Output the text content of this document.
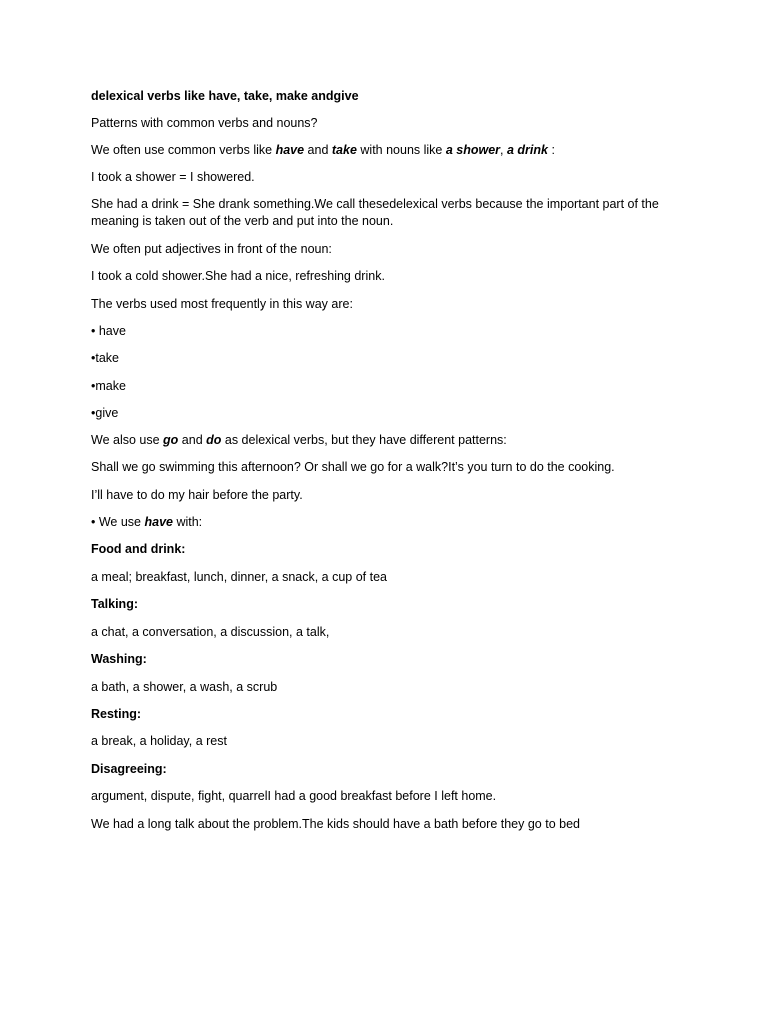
delexical verbs like have, take, make andgive
Patterns with common verbs and nouns?
We often use common verbs like have and take with nouns like a shower, a drink :
I took a shower = I showered.
She had a drink = She drank something.We call thesedelexical verbs because the important part of the meaning is taken out of the verb and put into the noun.
We often put adjectives in front of the noun:
I took a cold shower.She had a nice, refreshing drink.
The verbs used most frequently in this way are:
• have
•take
•make
•give
We also use go and do as delexical verbs, but they have different patterns:
Shall we go swimming this afternoon? Or shall we go for a walk?It’s you turn to do the cooking.
I’ll have to do my hair before the party.
• We use have with:
Food and drink:
a meal; breakfast, lunch, dinner, a snack, a cup of tea
Talking:
a chat, a conversation, a discussion, a talk,
Washing:
a bath, a shower, a wash, a scrub
Resting:
a break, a holiday, a rest
Disagreeing:
argument, dispute, fight, quarrelI had a good breakfast before I left home.
We had a long talk about the problem.The kids should have a bath before they go to bed
